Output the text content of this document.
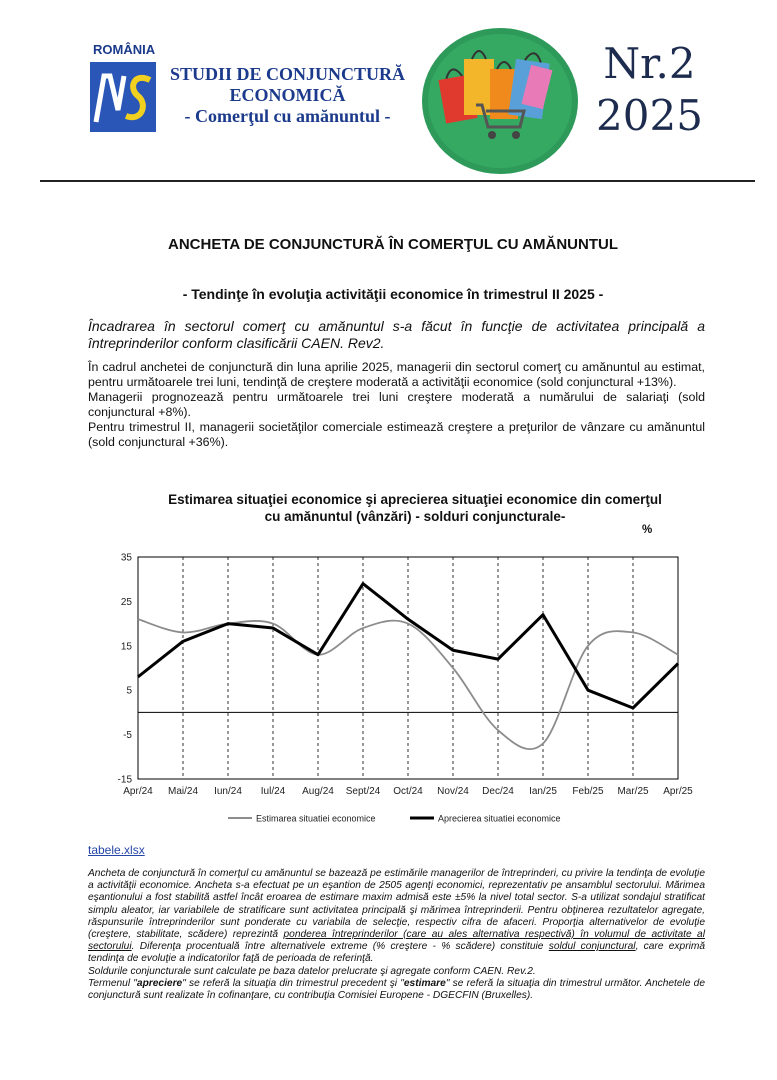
ROMÂNIA
INS
STUDII DE CONJUNCTURĂ
ECONOMICĂ
- Comerţul cu amănuntul -
Nr.2
2025
ANCHETA DE CONJUNCTURĂ ÎN COMERŢUL CU AMĂNUNTUL
- Tendinţe în evoluţia activităţii economice în trimestrul II 2025 -
Încadrarea în sectorul comerţ cu amănuntul s-a făcut în funcţie de activitatea principală a întreprinderilor conform clasificării CAEN. Rev2.

În cadrul anchetei de conjunctură din luna aprilie 2025, managerii din sectorul comerţ cu amănuntul au estimat, pentru următoarele trei luni, tendinţă de creştere moderată a activităţii economice (sold conjunctural +13%).

Managerii prognozează pentru următoarele trei luni creştere moderată a numărului de salariaţi (sold conjunctural +8%).

Pentru trimestrul II, managerii societăţilor comerciale estimează creştere a preţurilor de vânzare cu amănuntul (sold conjunctural +36%).

Estimarea situaţiei economice şi aprecierea situaţiei economice din comerţul cu amănuntul (vânzări) - solduri conjuncturale-
%
35
25
15
5
-5
-15
Apr/24 Mai/24 Iun/24 Iul/24 Aug/24 Sept/24 Oct/24 Nov/24 Dec/24 Ian/25 Feb/25 Mar/25 Apr/25
Estimarea situatiei economice	Aprecierea situatiei economice
tabele.xlsx

Ancheta de conjunctură în comerţul cu amănuntul se bazează pe estimările managerilor de întreprinderi, cu privire la tendinţa de evoluţie a activităţii economice. Ancheta s-a efectuat pe un eşantion de 2505 agenţi economici, reprezentativ pe ansamblul sectorului. Mărimea eşantionului a fost stabilită astfel încât eroarea de estimare maxim admisă este ±5% la nivel total sector. S-a utilizat sondajul stratificat simplu aleator, iar variabilele de stratificare sunt activitatea principală şi mărimea întreprinderii. Pentru obţinerea rezultatelor agregate, răspunsurile întreprinderilor sunt ponderate cu variabila de selecţie, respectiv cifra de afaceri. Proporţia alternativelor de evoluţie (creştere, stabilitate, scădere) reprezintă ponderea întreprinderilor (care au ales alternativa respectivă) în volumul de activitate al sectorului. Diferenţa procentuală între alternativele extreme (% creştere - % scădere) constituie soldul conjunctural, care exprimă tendinţa de evoluţie a indicatorilor faţă de perioada de referinţă.

Soldurile conjuncturale sunt calculate pe baza datelor prelucrate şi agregate conform CAEN. Rev.2.

Termenul "apreciere" se referă la situaţia din trimestrul precedent şi "estimare" se referă la situaţia din trimestrul următor. Anchetele de conjunctură sunt realizate în cofinanţare, cu contribuţia Comisiei Europene - DGECFIN (Bruxelles).
